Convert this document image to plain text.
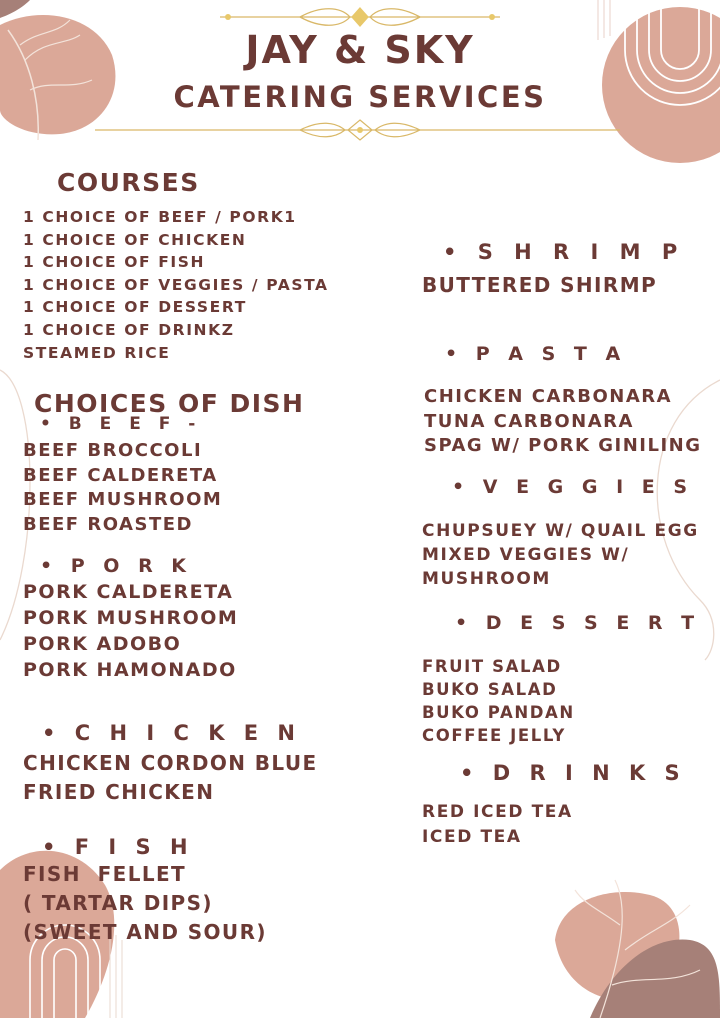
JAY & SKY
CATERING SERVICES
COURSES
1 CHOICE OF BEEF / PORK1
1 CHOICE OF CHICKEN
1 CHOICE OF FISH
1 CHOICE OF VEGGIES / PASTA
1 CHOICE OF DESSERT
1 CHOICE OF DRINKZ
STEAMED RICE
CHOICES OF DISH
• B E E F -
BEEF BROCCOLI
BEEF CALDERETA
BEEF MUSHROOM
BEEF ROASTED
• P O R K
PORK CALDERETA
PORK MUSHROOM
PORK ADOBO
PORK HAMONADO
• C H I C K E N
CHICKEN CORDON BLUE
FRIED CHICKEN
• F I S H
FISH  FELLET
( TARTAR DIPS)
(SWEET AND SOUR)
• S H R I M P
BUTTERED SHIRMP
• P A S T A
CHICKEN CARBONARA
TUNA CARBONARA
SPAG W/ PORK GINILING
• V E G G I E S
CHUPSUEY W/ QUAIL EGG
MIXED VEGGIES W/
MUSHROOM
• D E S S E R T
FRUIT SALAD
BUKO SALAD
BUKO PANDAN
COFFEE JELLY
• D R I N K S
RED ICED TEA
ICED TEA
